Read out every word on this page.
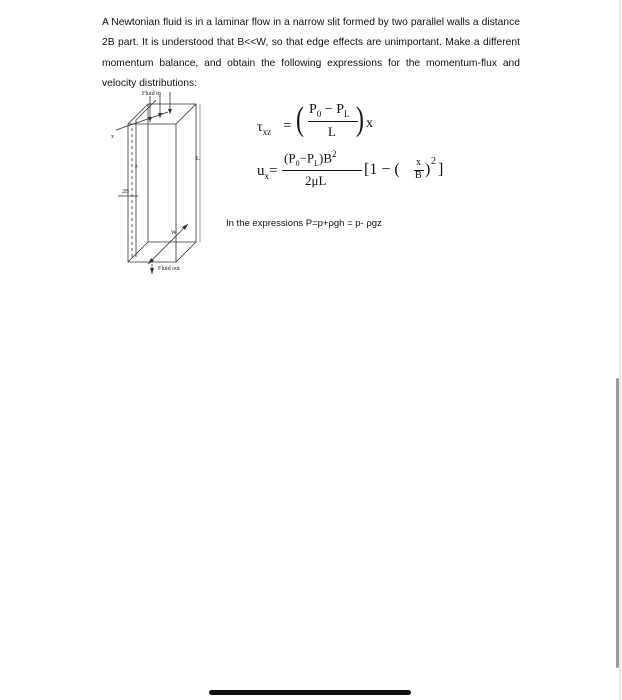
A Newtonian fluid is in a laminar flow in a narrow slit formed by two parallel walls a distance 2B part. It is understood that B<<W, so that edge effects are unimportant. Make a different momentum balance, and obtain the following expressions for the momentum-flux and velocity distributions:
Fluid in
Fluid out
2B
L
W
z
x
$\tau_{xz}$ = ( $P_0 - P_L$
L ) x
$u_x=$
$(P_0-P_L)B^2$
2μL
[1 − ( x
B ) 2 ]
In the expressions P=p+ρgh = p- ρgz
